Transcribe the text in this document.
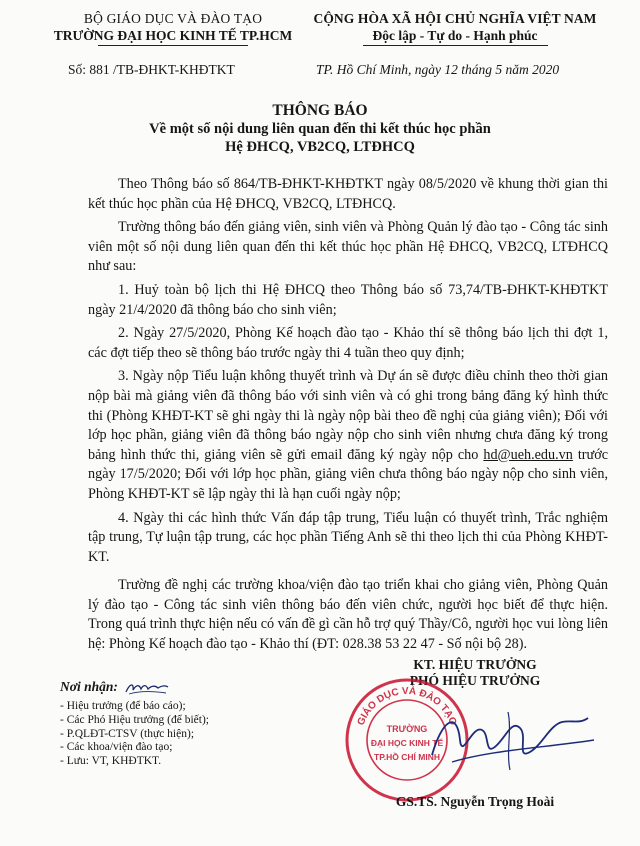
BỘ GIÁO DỤC VÀ ĐÀO TẠO
TRƯỜNG ĐẠI HỌC KINH TẾ TP.HCM
CỘNG HÒA XÃ HỘI CHỦ NGHĨA VIỆT NAM
Độc lập - Tự do - Hạnh phúc
Số: 881 /TB-ĐHKT-KHĐTKT	TP. Hồ Chí Minh, ngày 12 tháng 5 năm 2020
THÔNG BÁO
Về một số nội dung liên quan đến thi kết thúc học phần
Hệ ĐHCQ, VB2CQ, LTĐHCQ

Theo Thông báo số 864/TB-ĐHKT-KHĐTKT ngày 08/5/2020 về khung thời gian thi kết thúc học phần của Hệ ĐHCQ, VB2CQ, LTĐHCQ.

Trường thông báo đến giảng viên, sinh viên và Phòng Quản lý đào tạo - Công tác sinh viên một số nội dung liên quan đến thi kết thúc học phần Hệ ĐHCQ, VB2CQ, LTĐHCQ như sau:

1. Huỷ toàn bộ lịch thi Hệ ĐHCQ theo Thông báo số 73,74/TB-ĐHKT-KHĐTKT ngày 21/4/2020 đã thông báo cho sinh viên;

2. Ngày 27/5/2020, Phòng Kế hoạch đào tạo - Khảo thí sẽ thông báo lịch thi đợt 1, các đợt tiếp theo sẽ thông báo trước ngày thi 4 tuần theo quy định;

3. Ngày nộp Tiểu luận không thuyết trình và Dự án sẽ được điều chỉnh theo thời gian nộp bài mà giảng viên đã thông báo với sinh viên và có ghi trong bảng đăng ký hình thức thi (Phòng KHĐT-KT sẽ ghi ngày thi là ngày nộp bài theo đề nghị của giảng viên); Đối với lớp học phần, giảng viên đã thông báo ngày nộp cho sinh viên nhưng chưa đăng ký trong bảng hình thức thi, giảng viên sẽ gửi email đăng ký ngày nộp cho hd@ueh.edu.vn trước ngày 17/5/2020; Đối với lớp học phần, giảng viên chưa thông báo ngày nộp cho sinh viên, Phòng KHĐT-KT sẽ lập ngày thi là hạn cuối ngày nộp;

4. Ngày thi các hình thức Vấn đáp tập trung, Tiểu luận có thuyết trình, Trắc nghiệm tập trung, Tự luận tập trung, các học phần Tiếng Anh sẽ thi theo lịch thi của Phòng KHĐT-KT.

Trường đề nghị các trường khoa/viện đào tạo triển khai cho giảng viên, Phòng Quản lý đào tạo - Công tác sinh viên thông báo đến viên chức, người học biết để thực hiện. Trong quá trình thực hiện nếu có vấn đề gì cần hỗ trợ quý Thầy/Cô, người học vui lòng liên hệ: Phòng Kế hoạch đào tạo - Khảo thí (ĐT: 028.38 53 22 47 - Số nội bộ 28).

Nơi nhận:
- Hiệu trưởng (để báo cáo);
- Các Phó Hiệu trưởng (để biết);
- P.QLĐT-CTSV (thực hiện);
- Các khoa/viện đào tạo;
- Lưu: VT, KHĐTKT.
KT. HIỆU TRƯỞNG
PHÓ HIỆU TRƯỞNG
GIÁO DỤC VÀ ĐÀO TẠO
TRƯỜNG
ĐẠI HỌC KINH TẾ
TP.HỒ CHÍ MINH
GS.TS. Nguyễn Trọng Hoài
